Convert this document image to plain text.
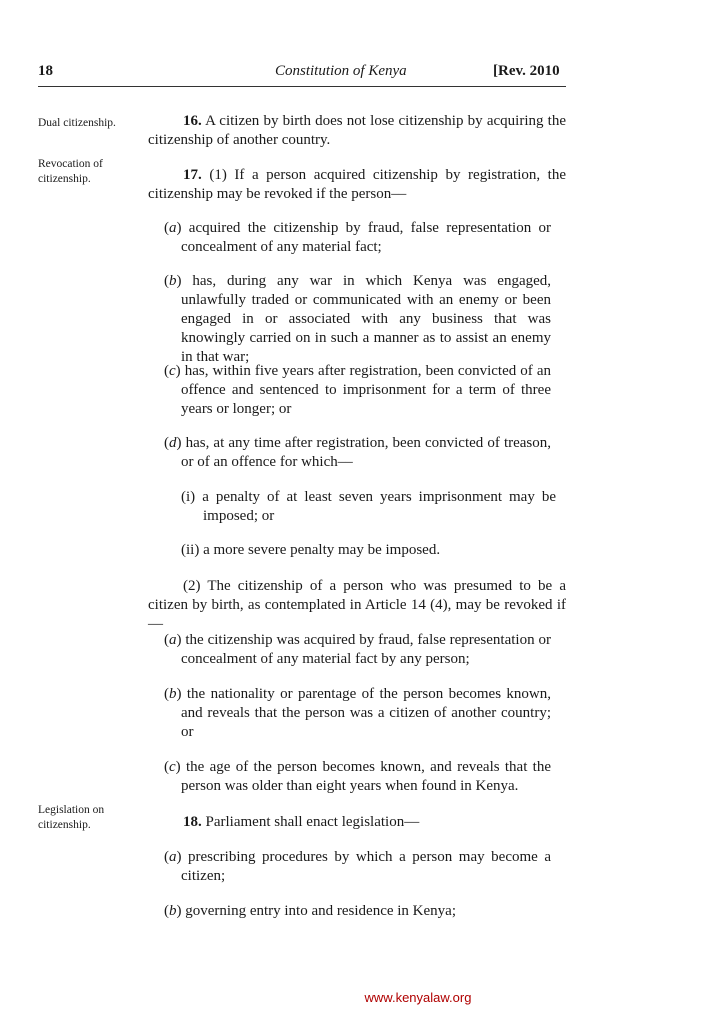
18	Constitution of Kenya	[Rev. 2010
Dual citizenship.
Revocation of citizenship.
Legislation on citizenship.

16. A citizen by birth does not lose citizenship by acquiring the citizenship of another country.

17. (1) If a person acquired citizenship by registration, the citizenship may be revoked if the person––

(a) acquired the citizenship by fraud, false representation or concealment of any material fact;

(b) has, during any war in which Kenya was engaged, unlawfully traded or communicated with an enemy or been engaged in or associated with any business that was knowingly carried on in such a manner as to assist an enemy in that war;

(c) has, within five years after registration, been convicted of an offence and sentenced to imprisonment for a term of three years or longer; or

(d) has, at any time after registration, been convicted of treason, or of an offence for which––

(i) a penalty of at least seven years imprisonment may be imposed; or

(ii) a more severe penalty may be imposed.

(2) The citizenship of a person who was presumed to be a citizen by birth, as contemplated in Article 14 (4), may be revoked if—

(a) the citizenship was acquired by fraud, false representation or concealment of any material fact by any person;

(b) the nationality or parentage of the person becomes known, and reveals that the person was a citizen of another country; or

(c) the age of the person becomes known, and reveals that the person was older than eight years when found in Kenya.

18. Parliament shall enact legislation—

(a) prescribing procedures by which a person may become a citizen;

(b) governing entry into and residence in Kenya;

www.kenyalaw.org
